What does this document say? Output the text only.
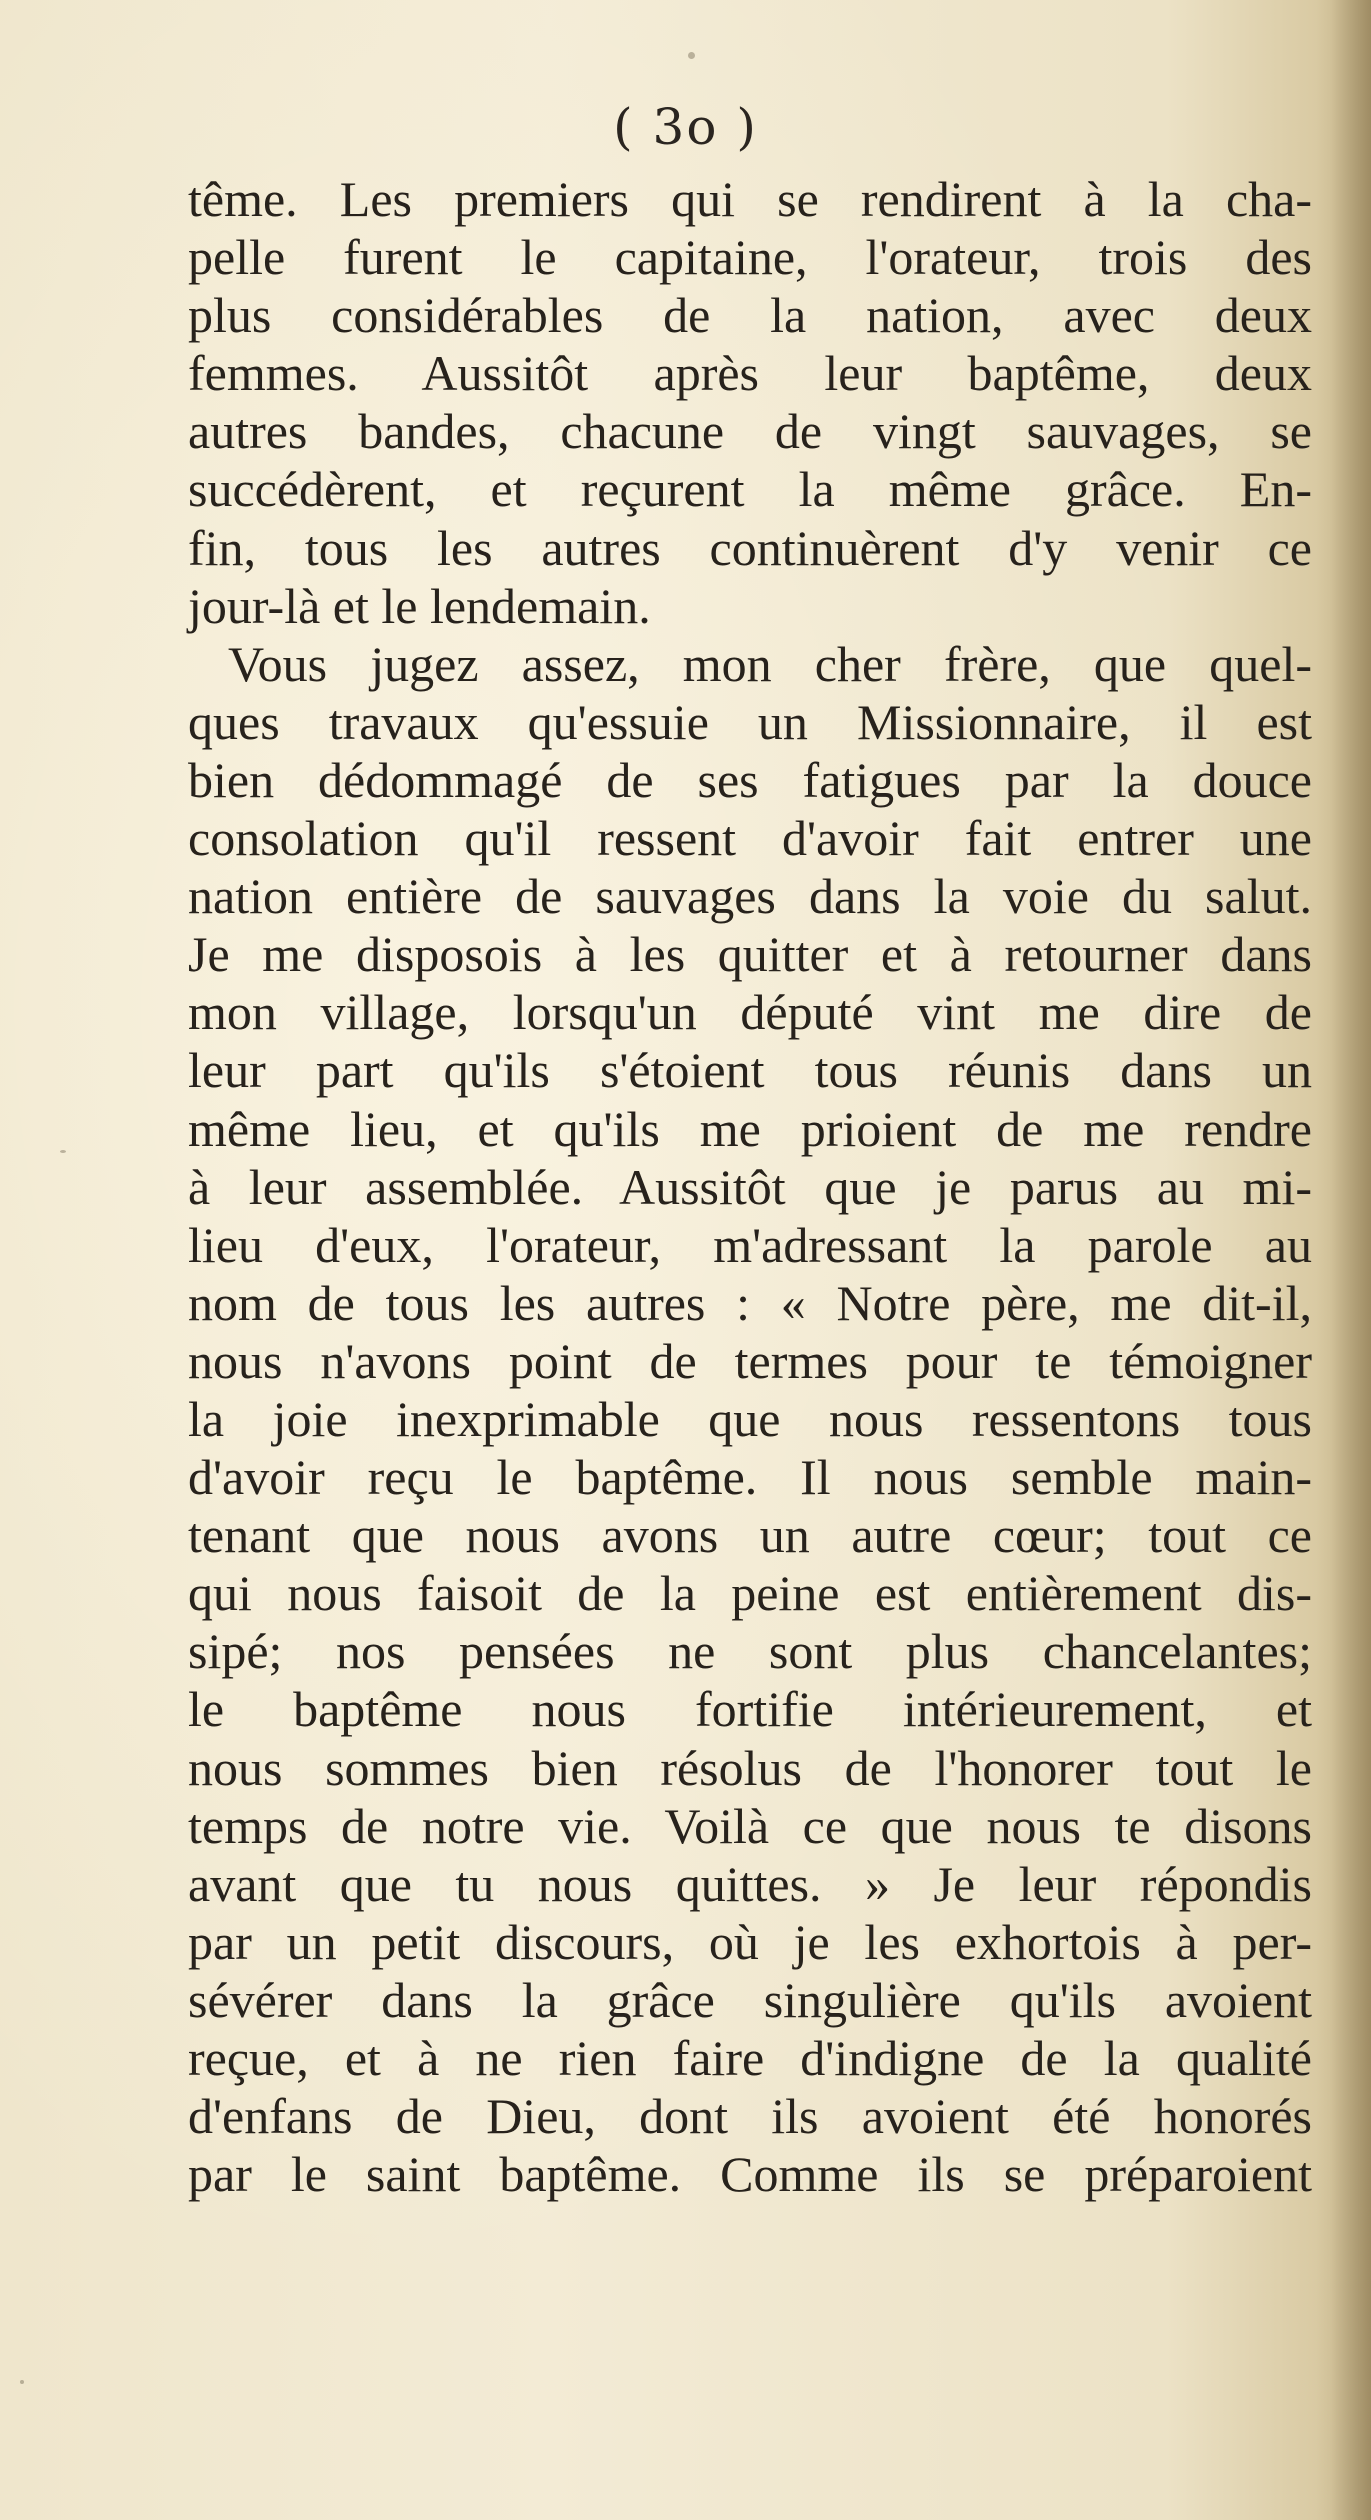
( 3o )
tême. Les premiers qui se rendirent à la cha-
pelle furent le capitaine, l'orateur, trois des
plus considérables de la nation, avec deux
femmes. Aussitôt après leur baptême, deux
autres bandes, chacune de vingt sauvages, se
succédèrent, et reçurent la même grâce. En-
fin, tous les autres continuèrent d'y venir ce
jour-là et le lendemain.
Vous jugez assez, mon cher frère, que quel-
ques travaux qu'essuie un Missionnaire, il est
bien dédommagé de ses fatigues par la douce
consolation qu'il ressent d'avoir fait entrer une
nation entière de sauvages dans la voie du salut.
Je me disposois à les quitter et à retourner dans
mon village, lorsqu'un député vint me dire de
leur part qu'ils s'étoient tous réunis dans un
même lieu, et qu'ils me prioient de me rendre
à leur assemblée. Aussitôt que je parus au mi-
lieu d'eux, l'orateur, m'adressant la parole au
nom de tous les autres : « Notre père, me dit-il,
nous n'avons point de termes pour te témoigner
la joie inexprimable que nous ressentons tous
d'avoir reçu le baptême. Il nous semble main-
tenant que nous avons un autre cœur; tout ce
qui nous faisoit de la peine est entièrement dis-
sipé; nos pensées ne sont plus chancelantes;
le baptême nous fortifie intérieurement, et
nous sommes bien résolus de l'honorer tout le
temps de notre vie. Voilà ce que nous te disons
avant que tu nous quittes. » Je leur répondis
par un petit discours, où je les exhortois à per-
sévérer dans la grâce singulière qu'ils avoient
reçue, et à ne rien faire d'indigne de la qualité
d'enfans de Dieu, dont ils avoient été honorés
par le saint baptême. Comme ils se préparoient
